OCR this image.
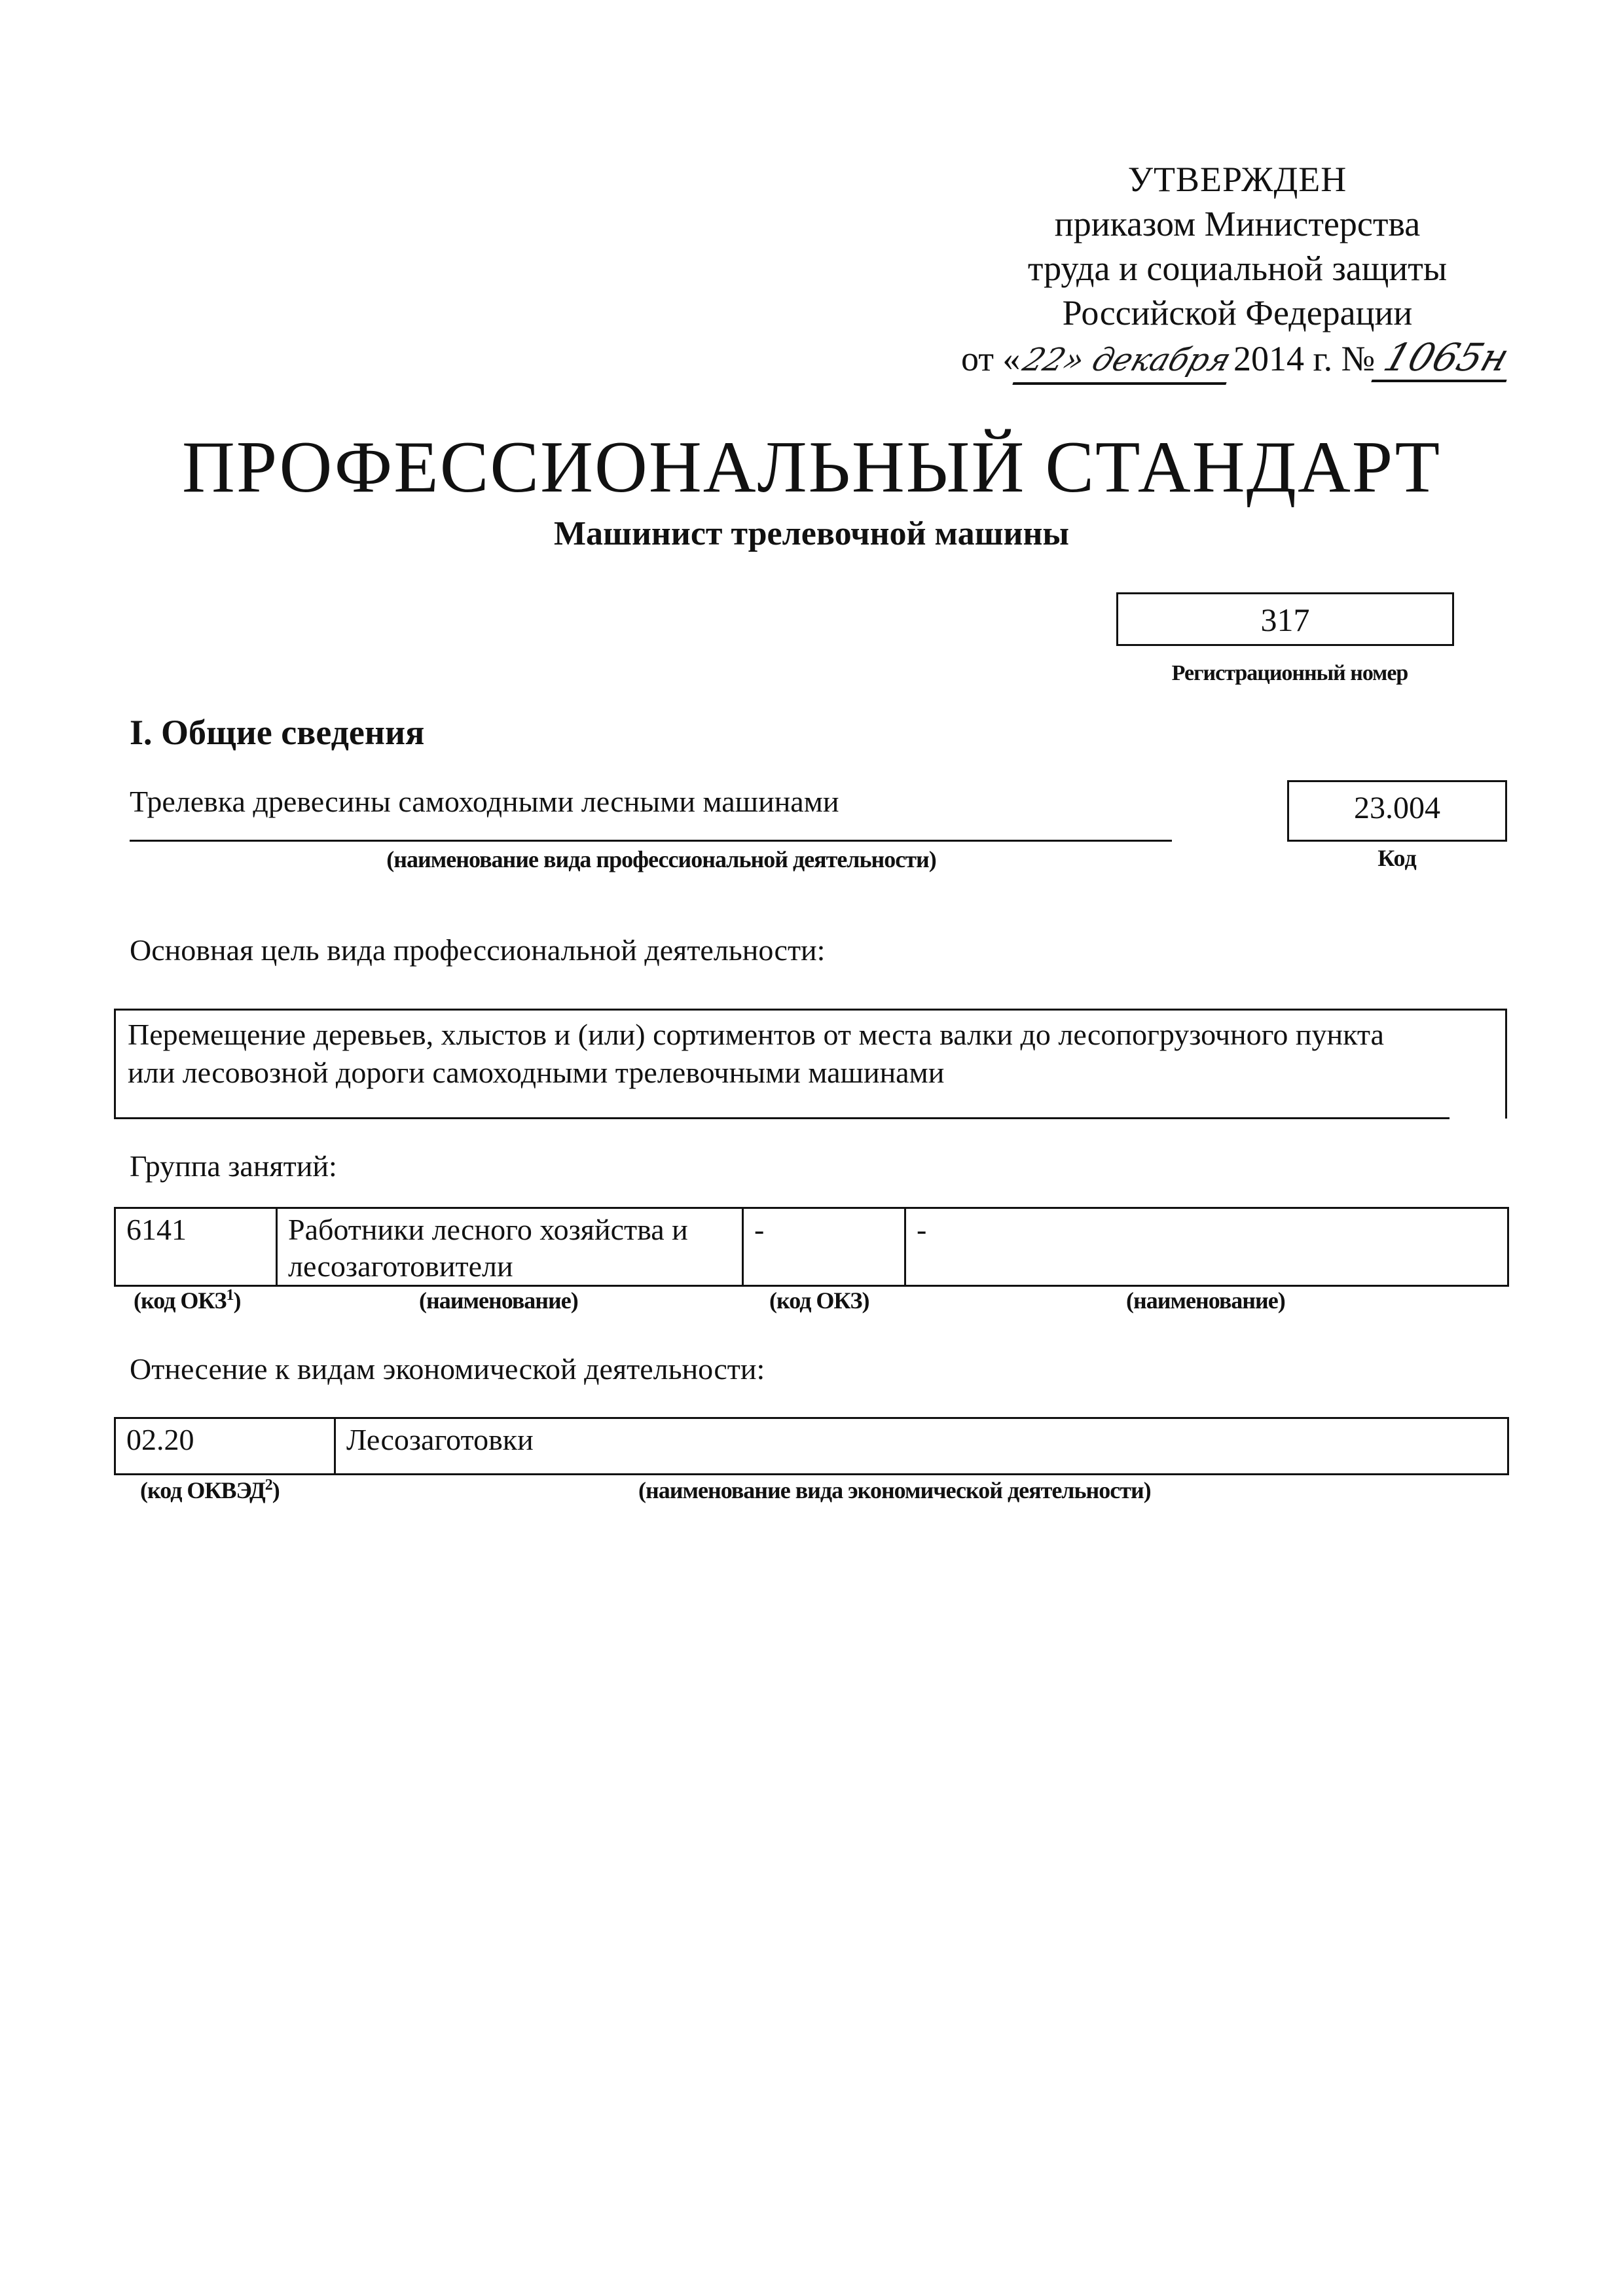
УТВЕРЖДЕН
приказом Министерства
труда и социальной защиты
Российской Федерации
от «22» декабря2014 г. №1065н
ПРОФЕССИОНАЛЬНЫЙ СТАНДАРТ
Машинист трелевочной машины
317
Регистрационный номер
I. Общие сведения
Трелевка древесины самоходными лесными машинами
(наименование вида профессиональной деятельности)
23.004
Код
Основная цель вида профессиональной деятельности:
Перемещение деревьев, хлыстов и (или) сортиментов от места валки до лесопогрузочного пункта
или лесовозной дороги самоходными трелевочными машинами
Группа занятий:
6141	Работники лесного хозяйства и лесозаготовители	-	-
(код ОКЗ$^1$)	(наименование)	(код ОКЗ)	(наименование)
Отнесение к видам экономической деятельности:
02.20	Лесозаготовки
(код ОКВЭД$^2$)	(наименование вида экономической деятельности)
